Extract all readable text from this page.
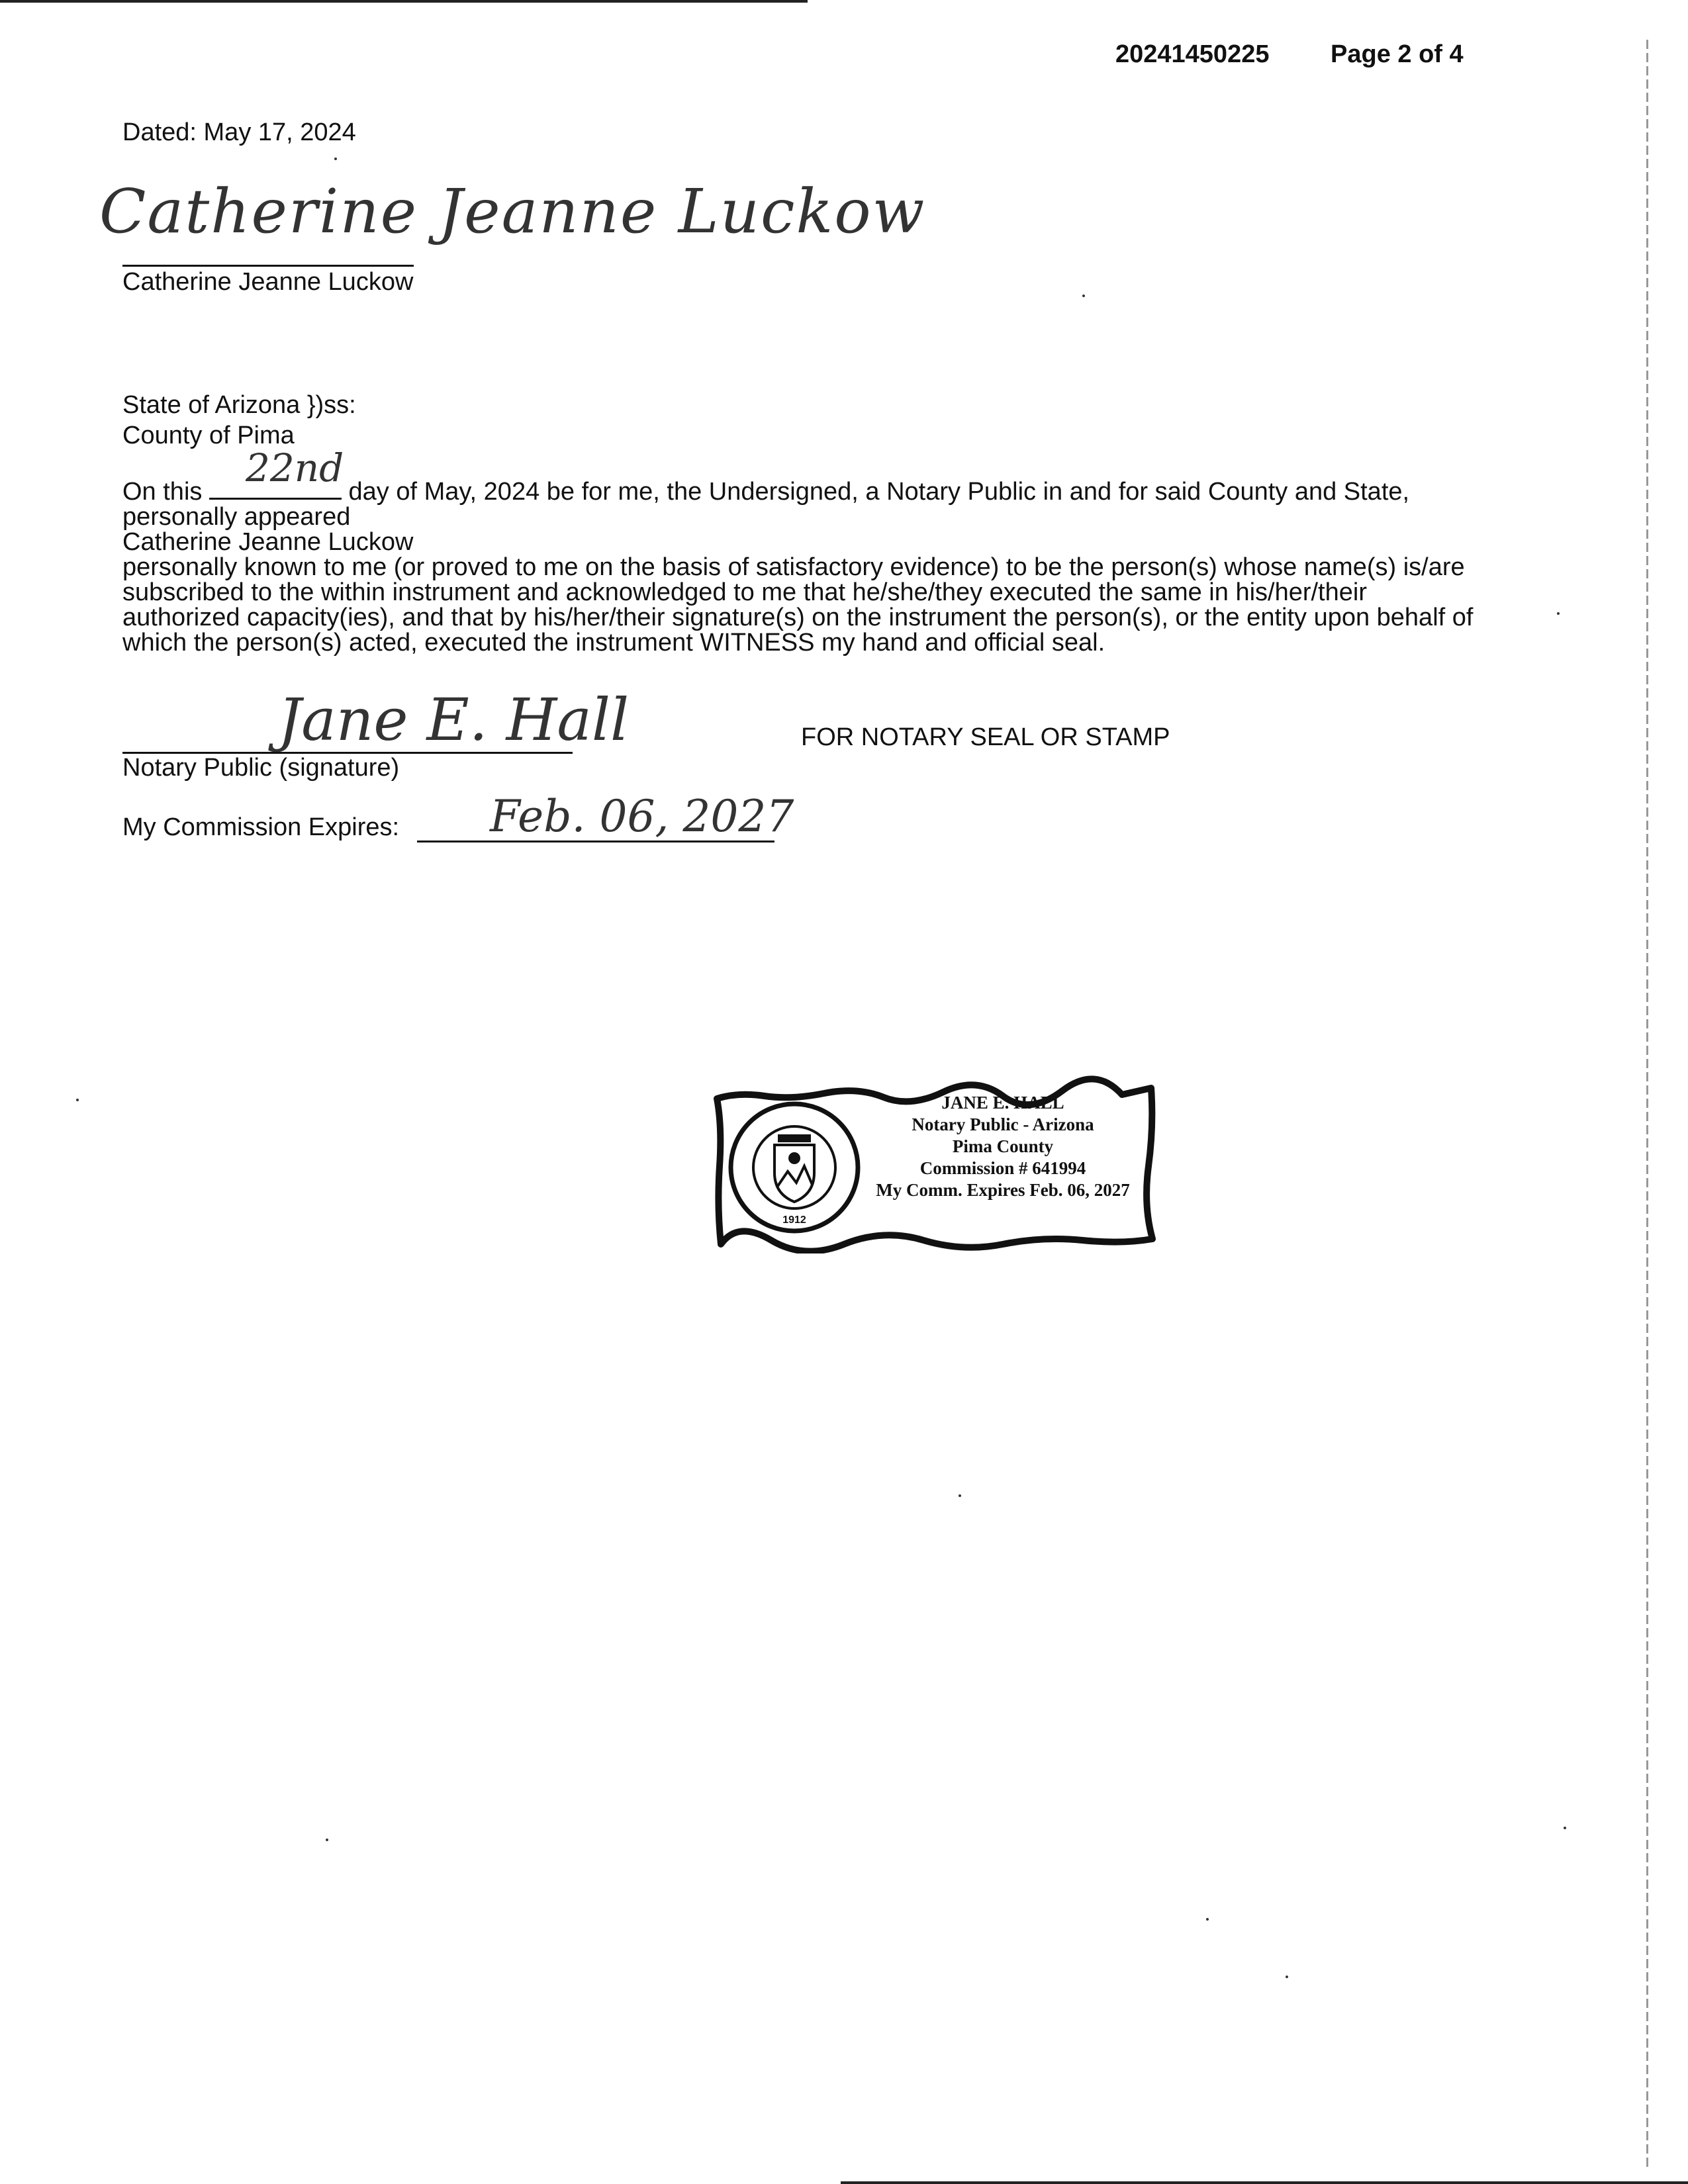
20241450225 Page 2 of 4
Dated: May 17, 2024
Catherine Jeanne Luckow
Catherine Jeanne Luckow
State of Arizona })ss:
County of Pima
On this
22nd
day of May, 2024 be for me, the Undersigned, a Notary Public in and for said County and State,
personally appeared
Catherine Jeanne Luckow
personally known to me (or proved to me on the basis of satisfactory evidence) to be the person(s) whose name(s) is/are
subscribed to the within instrument and acknowledged to me that he/she/they executed the same in his/her/their
authorized capacity(ies), and that by his/her/their signature(s) on the instrument the person(s), or the entity upon behalf of
which the person(s) acted, executed the instrument WITNESS my hand and official seal.
Jane E. Hall
Notary Public (signature)
FOR NOTARY SEAL OR STAMP
My Commission Expires: Feb. 06, 2027
1912
JANE E. HALL
Notary Public - Arizona
Pima County
Commission # 641994
My Comm. Expires Feb. 06, 2027
